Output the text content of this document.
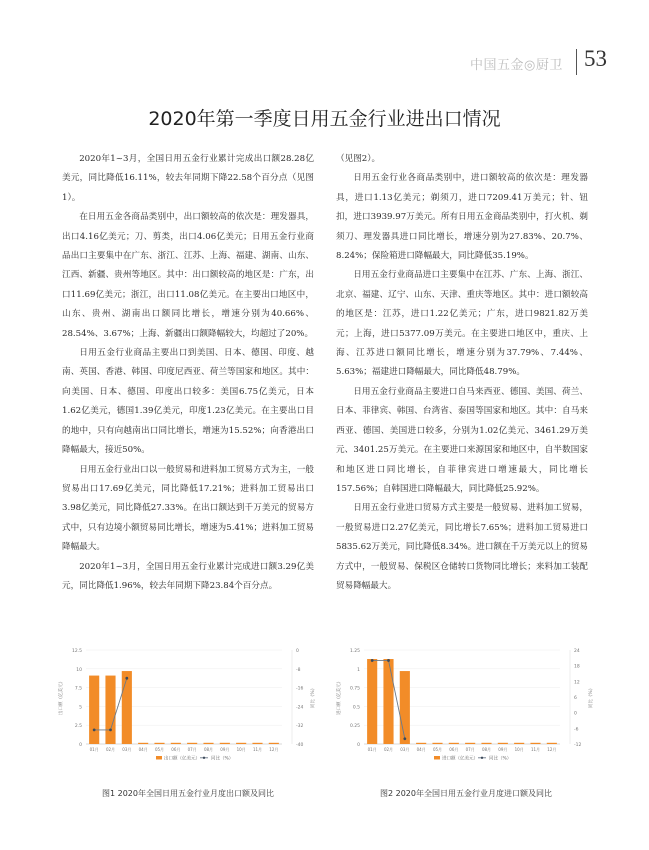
中国五金◎厨卫 53
2020年第一季度日用五金行业进出口情况

2020年1~3月，全国日用五金行业累计完成出口额28.28亿美元，同比降低16.11%，较去年同期下降22.58个百分点（见图1）。

在日用五金各商品类别中，出口额较高的依次是：理发器具，出口4.16亿美元；刀、剪类，出口4.06亿美元；日用五金行业商品出口主要集中在广东、浙江、江苏、上海、福建、湖南、山东、江西、新疆、贵州等地区。其中：出口额较高的地区是：广东，出口11.69亿美元；浙江，出口11.08亿美元。在主要出口地区中，山东、贵州、湖南出口额同比增长，增速分别为40.66%、28.54%、3.67%；上海、新疆出口额降幅较大，均超过了20%。

日用五金行业商品主要出口到美国、日本、德国、印度、越南、英国、香港、韩国、印度尼西亚、荷兰等国家和地区。其中：向美国、日本、德国、印度出口较多：美国6.75亿美元，日本1.62亿美元，德国1.39亿美元，印度1.23亿美元。在主要出口目的地中，只有向越南出口同比增长，增速为15.52%；向香港出口降幅最大，接近50%。

日用五金行业出口以一般贸易和进料加工贸易方式为主，一般贸易出口17.69亿美元，同比降低17.21%；进料加工贸易出口3.98亿美元，同比降低27.33%。在出口额达到千万美元的贸易方式中，只有边境小额贸易同比增长，增速为5.41%；进料加工贸易降幅最大。

2020年1~3月，全国日用五金行业累计完成进口额3.29亿美元，同比降低1.96%，较去年同期下降23.84个百分点。

（见图2）。

日用五金行业各商品类别中，进口额较高的依次是：理发器具，进口1.13亿美元；剃须刀，进口7209.41万美元；针、钮扣，进口3939.97万美元。所有日用五金商品类别中，打火机、剃须刀、理发器具进口同比增长，增速分别为27.83%、20.7%、8.24%；保险箱进口降幅最大，同比降低35.19%。

日用五金行业商品进口主要集中在江苏、广东、上海、浙江、北京、福建、辽宁、山东、天津、重庆等地区。其中：进口额较高的地区是：江苏，进口1.22亿美元；广东，进口9821.82万美元；上海，进口5377.09万美元。在主要进口地区中，重庆、上海、江苏进口额同比增长，增速分别为37.79%、7.44%、5.63%；福建进口降幅最大，同比降低48.79%。

日用五金行业商品主要进口自马来西亚、德国、美国、荷兰、日本、菲律宾、韩国、台湾省、泰国等国家和地区。其中：自马来西亚、德国、美国进口较多，分别为1.02亿美元、3461.29万美元、3401.25万美元。在主要进口来源国家和地区中，自半数国家和地区进口同比增长，自菲律宾进口增速最大，同比增长157.56%；自韩国进口降幅最大，同比降低25.92%。

日用五金行业进口贸易方式主要是一般贸易、进料加工贸易，一般贸易进口2.27亿美元，同比增长7.65%；进料加工贸易进口5835.62万美元，同比降低8.34%。进口额在千万美元以上的贸易方式中，一般贸易、保税区仓储转口货物同比增长；来料加工装配贸易降幅最大。

0
2.5
5
7.5
10
12.5	0
-8
-16
-24
-32
-40
出口额（亿美元）	同比（%）
01月 02月 03月 04月 05月 06月 07月 08月 09月 10月 11月 12月
出口额（亿美元） 同比（%）
0
0.25
0.5
0.75
1
1.25	24
18
12
6
0
-6
-12
进口额（亿美元）	同比（%）
01月 02月 03月 04月 05月 06月 07月 08月 09月 10月 11月 12月
进口额（亿美元） 同比（%）
图1 2020年全国日用五金行业月度出口额及同比	图2 2020年全国日用五金行业月度进口额及同比
